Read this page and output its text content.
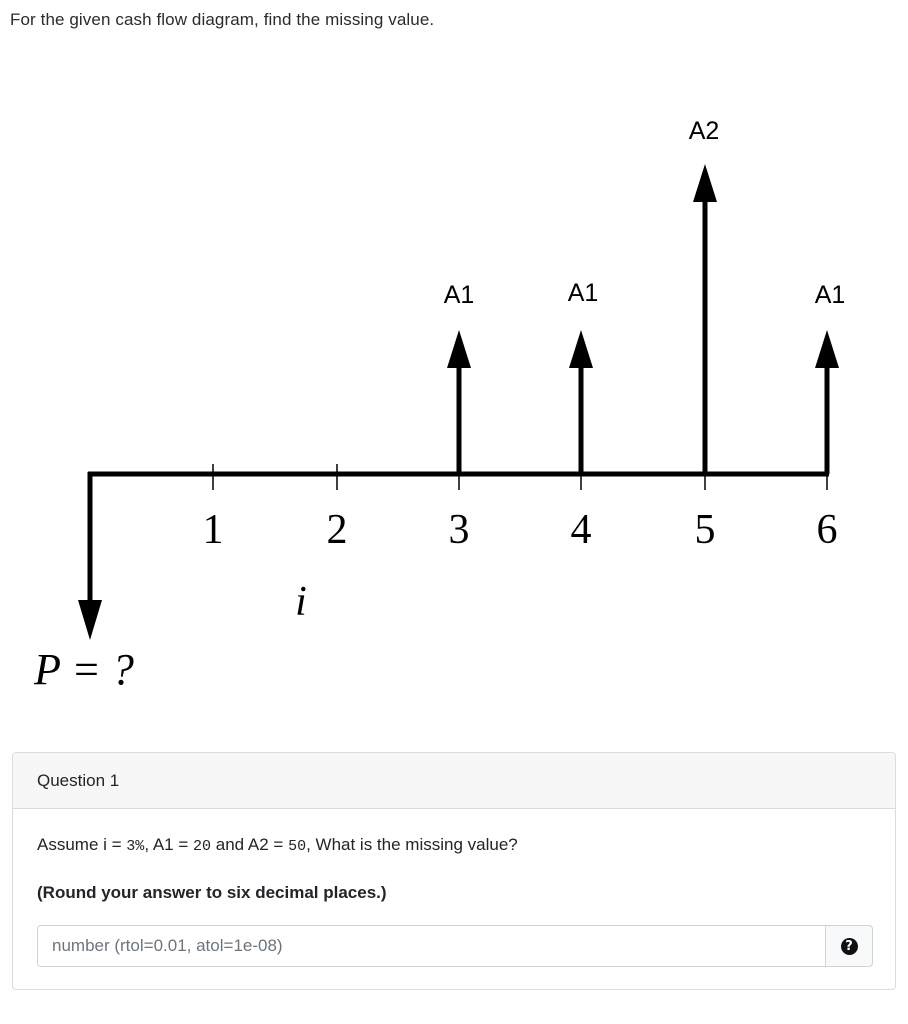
For the given cash flow diagram, find the missing value.
A1	A1
A2
A1
1 2 3 4 5 6
i
P = ?
Question 1
Assume i = 3%, A1 = 20 and A2 = 50, What is the missing value?
(Round your answer to six decimal places.)
number (rtol=0.01, atol=1e-08)
?
